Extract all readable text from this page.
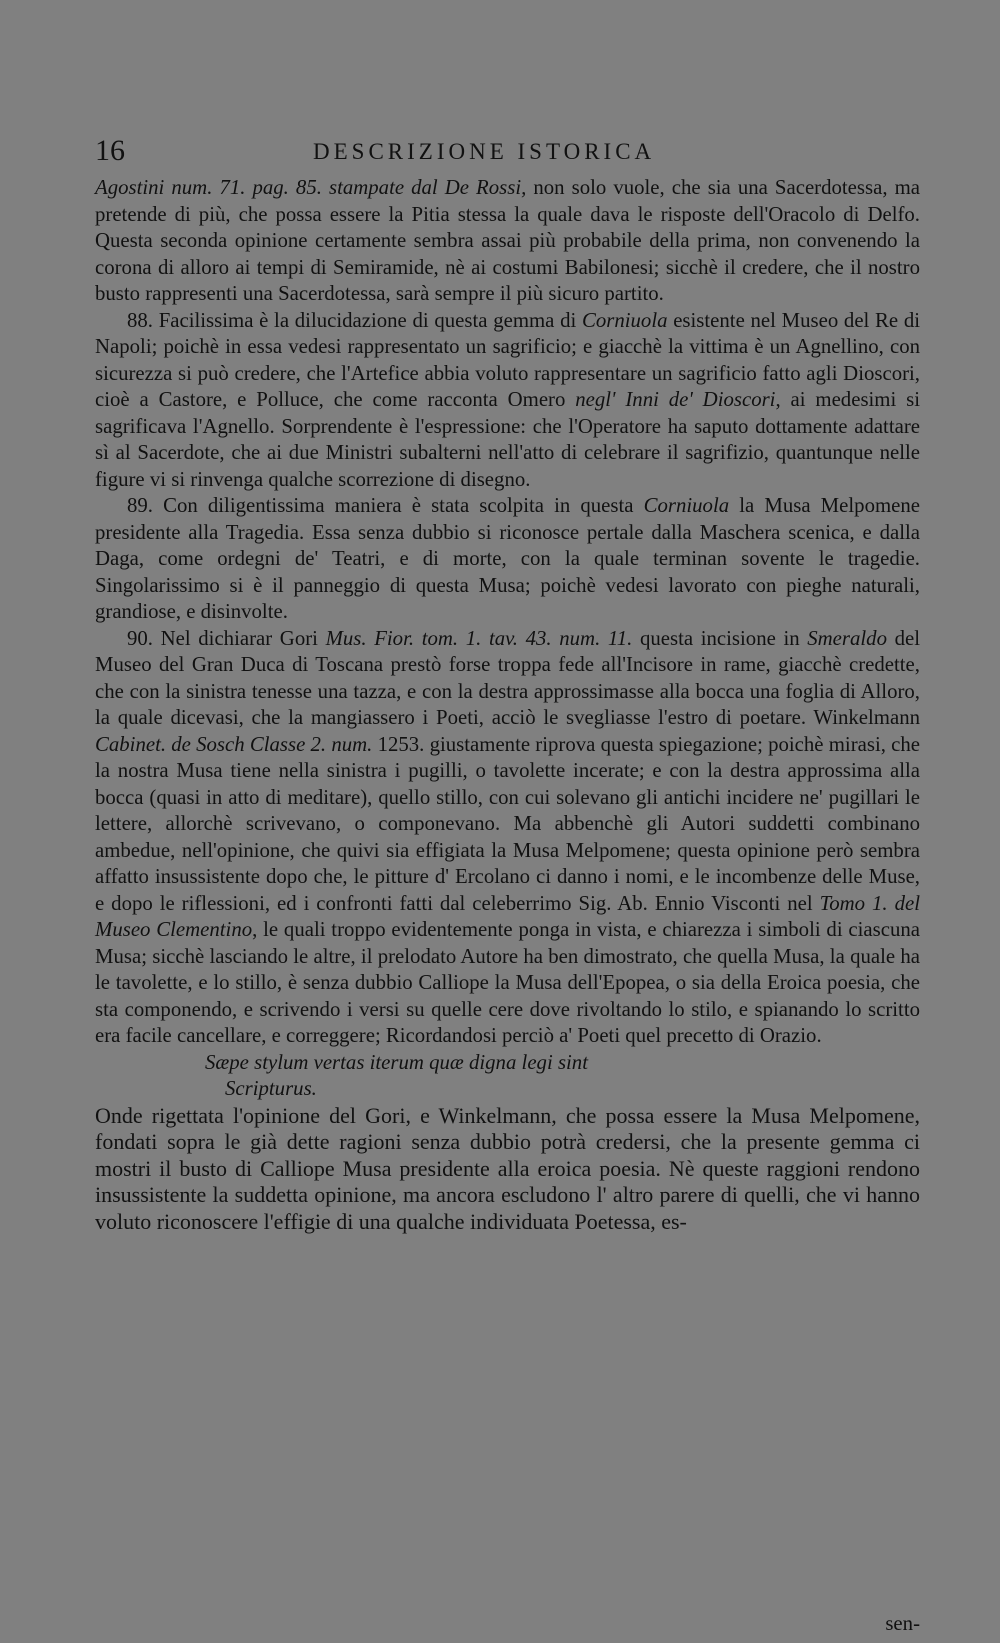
16	DESCRIZIONE ISTORICA

Agostini num. 71. pag. 85. stampate dal De Rossi, non solo vuole, che sia una Sacerdotessa, ma pretende di più, che possa essere la Pitia stessa la quale dava le risposte dell'Oracolo di Delfo. Questa seconda opinione certamente sembra assai più probabile della prima, non convenendo la corona di alloro ai tempi di Semiramide, nè ai costumi Babilonesi; sicchè il credere, che il nostro busto rappresenti una Sacerdotessa, sarà sempre il più sicuro partito.

88. Facilissima è la dilucidazione di questa gemma di Corniuola esistente nel Museo del Re di Napoli; poichè in essa vedesi rappresentato un sagrificio; e giacchè la vittima è un Agnellino, con sicurezza si può credere, che l'Artefice abbia voluto rappresentare un sagrificio fatto agli Dioscori, cioè a Castore, e Polluce, che come racconta Omero negl' Inni de' Dioscori, ai medesimi si sagrificava l'Agnello. Sorprendente è l'espressione: che l'Operatore ha saputo dottamente adattare sì al Sacerdote, che ai due Ministri subalterni nell'atto di celebrare il sagrifizio, quantunque nelle figure vi si rinvenga qualche scorrezione di disegno.

89. Con diligentissima maniera è stata scolpita in questa Corniuola la Musa Melpomene presidente alla Tragedia. Essa senza dubbio si riconosce pertale dalla Maschera scenica, e dalla Daga, come ordegni de' Teatri, e di morte, con la quale terminan sovente le tragedie. Singolarissimo si è il panneggio di questa Musa; poichè vedesi lavorato con pieghe naturali, grandiose, e disinvolte.

90. Nel dichiarar Gori Mus. Fior. tom. 1. tav. 43. num. 11. questa incisione in Smeraldo del Museo del Gran Duca di Toscana prestò forse troppa fede all'Incisore in rame, giacchè credette, che con la sinistra tenesse una tazza, e con la destra approssimasse alla bocca una foglia di Alloro, la quale dicevasi, che la mangiassero i Poeti, acciò le svegliasse l'estro di poetare. Winkelmann Cabinet. de Sosch Classe 2. num. 1253. giustamente riprova questa spiegazione; poichè mirasi, che la nostra Musa tiene nella sinistra i pugilli, o tavolette incerate; e con la destra approssima alla bocca (quasi in atto di meditare), quello stillo, con cui solevano gli antichi incidere ne' pugillari le lettere, allorchè scrivevano, o componevano. Ma abbenchè gli Autori suddetti combinano ambedue, nell'opinione, che quivi sia effigiata la Musa Melpomene; questa opinione però sembra affatto insussistente dopo che, le pitture d' Ercolano ci danno i nomi, e le incombenze delle Muse, e dopo le riflessioni, ed i confronti fatti dal celeberrimo Sig. Ab. Ennio Visconti nel Tomo 1. del Museo Clementino, le quali troppo evidentemente ponga in vista, e chiarezza i simboli di ciascuna Musa; sicchè lasciando le altre, il prelodato Autore ha ben dimostrato, che quella Musa, la quale ha le tavolette, e lo stillo, è senza dubbio Calliope la Musa dell'Epopea, o sia della Eroica poesia, che sta componendo, e scrivendo i versi su quelle cere dove rivoltando lo stilo, e spianando lo scritto era facile cancellare, e correggere; Ricordandosi perciò a' Poeti quel precetto di Orazio.

Sæpe stylum vertas iterum quæ digna legi sint

Scripturus.

Onde rigettata l'opinione del Gori, e Winkelmann, che possa essere la Musa Melpomene, fondati sopra le già dette ragioni senza dubbio potrà credersi, che la presente gemma ci mostri il busto di Calliope Musa presidente alla eroica poesia. Nè queste raggioni rendono insussistente la suddetta opinione, ma ancora escludono l' altro parere di quelli, che vi hanno voluto riconoscere l'effigie di una qualche individuata Poetessa, es-

sen-
